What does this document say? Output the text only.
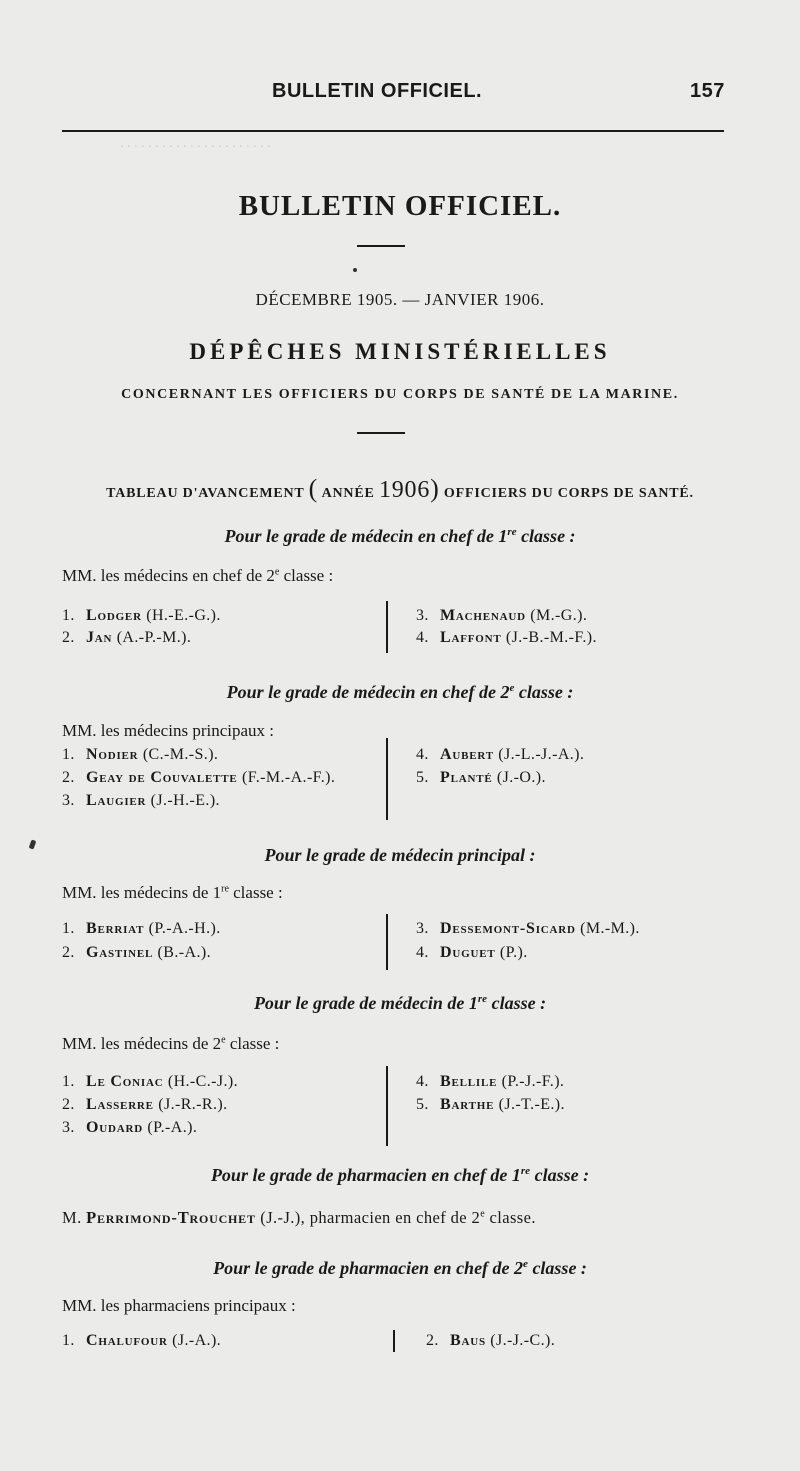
· · · · · · · · · · · · · · · · · · · · · ·
BULLETIN OFFICIEL.	157
BULLETIN OFFICIEL.
DÉCEMBRE 1905. — JANVIER 1906.
DÉPÊCHES MINISTÉRIELLES
CONCERNANT LES OFFICIERS DU CORPS DE SANTÉ DE LA MARINE.
TABLEAU D'AVANCEMENT ( ANNÉE 1906) OFFICIERS DU CORPS DE SANTÉ.
Pour le grade de médecin en chef de 1re classe :
MM. les médecins en chef de 2e classe :
1. Lodger (H.-E.-G.).
2. Jan (A.-P.-M.).
3. Machenaud (M.-G.).
4. Laffont (J.-B.-M.-F.).
Pour le grade de médecin en chef de 2e classe :
MM. les médecins principaux :
1. Nodier (C.-M.-S.).
2. Geay de Couvalette (F.-M.-A.-F.).
3. Laugier (J.-H.-E.).
4. Aubert (J.-L.-J.-A.).
5. Planté (J.-O.).
Pour le grade de médecin principal :
MM. les médecins de 1re classe :
1. Berriat (P.-A.-H.).
2. Gastinel (B.-A.).
3. Dessemont-Sicard (M.-M.).
4. Duguet (P.).
Pour le grade de médecin de 1re classe :
MM. les médecins de 2e classe :
1. Le Coniac (H.-C.-J.).
2. Lasserre (J.-R.-R.).
3. Oudard (P.-A.).
4. Bellile (P.-J.-F.).
5. Barthe (J.-T.-E.).
Pour le grade de pharmacien en chef de 1re classe :
M. Perrimond-Trouchet (J.-J.), pharmacien en chef de 2e classe.
Pour le grade de pharmacien en chef de 2e classe :
MM. les pharmaciens principaux :
1. Chalufour (J.-A.).	2. Baus (J.-J.-C.).
